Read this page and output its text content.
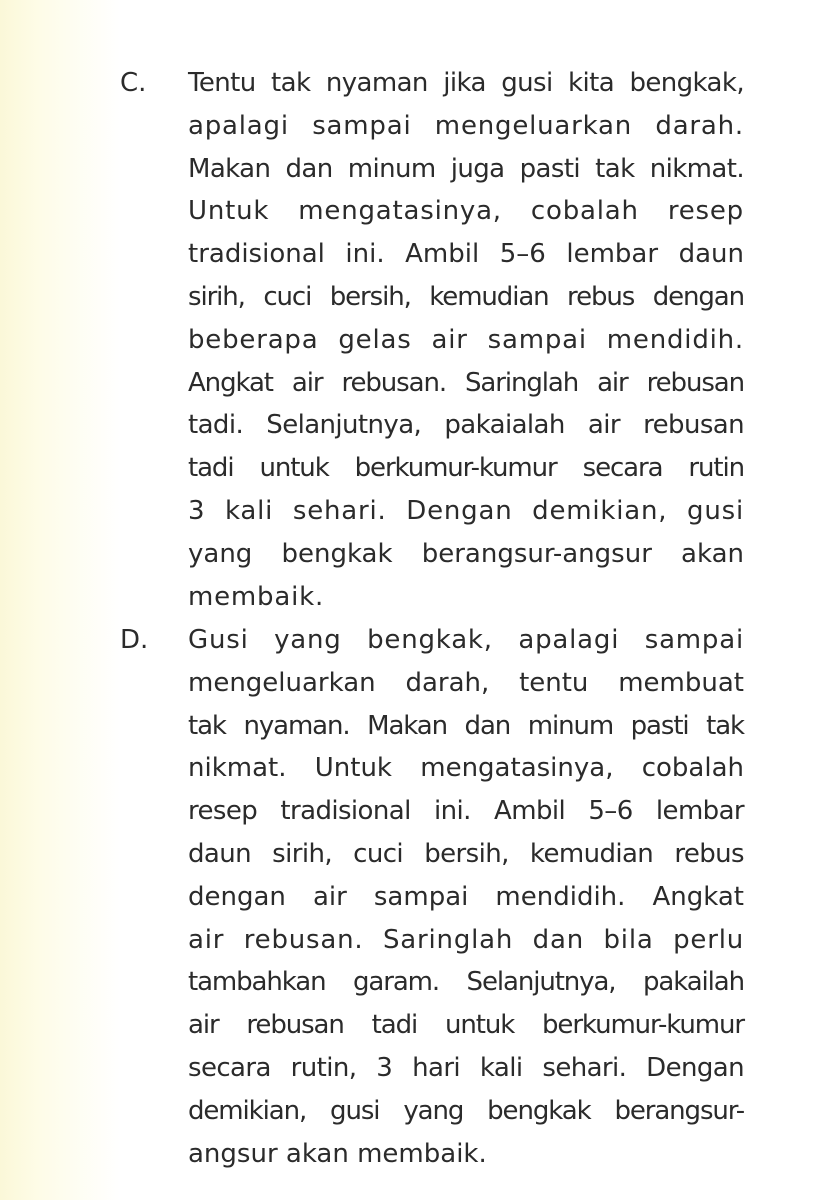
C.	Tentu tak nyaman jika gusi kita bengkak,
apalagi sampai mengeluarkan darah.
Makan dan minum juga pasti tak nikmat.
Untuk mengatasinya, cobalah resep
tradisional ini. Ambil 5–6 lembar daun
sirih, cuci bersih, kemudian rebus dengan
beberapa gelas air sampai mendidih.
Angkat air rebusan. Saringlah air rebusan
tadi. Selanjutnya, pakaialah air rebusan
tadi untuk berkumur-kumur secara rutin
3 kali sehari. Dengan demikian, gusi
yang bengkak berangsur-angsur akan
membaik.
D.	Gusi yang bengkak, apalagi sampai
mengeluarkan darah, tentu membuat
tak nyaman. Makan dan minum pasti tak
nikmat. Untuk mengatasinya, cobalah
resep tradisional ini. Ambil 5–6 lembar
daun sirih, cuci bersih, kemudian rebus
dengan air sampai mendidih. Angkat
air rebusan. Saringlah dan bila perlu
tambahkan garam. Selanjutnya, pakailah
air rebusan tadi untuk berkumur-kumur
secara rutin, 3 hari kali sehari. Dengan
demikian, gusi yang bengkak berangsur-
angsur akan membaik.
